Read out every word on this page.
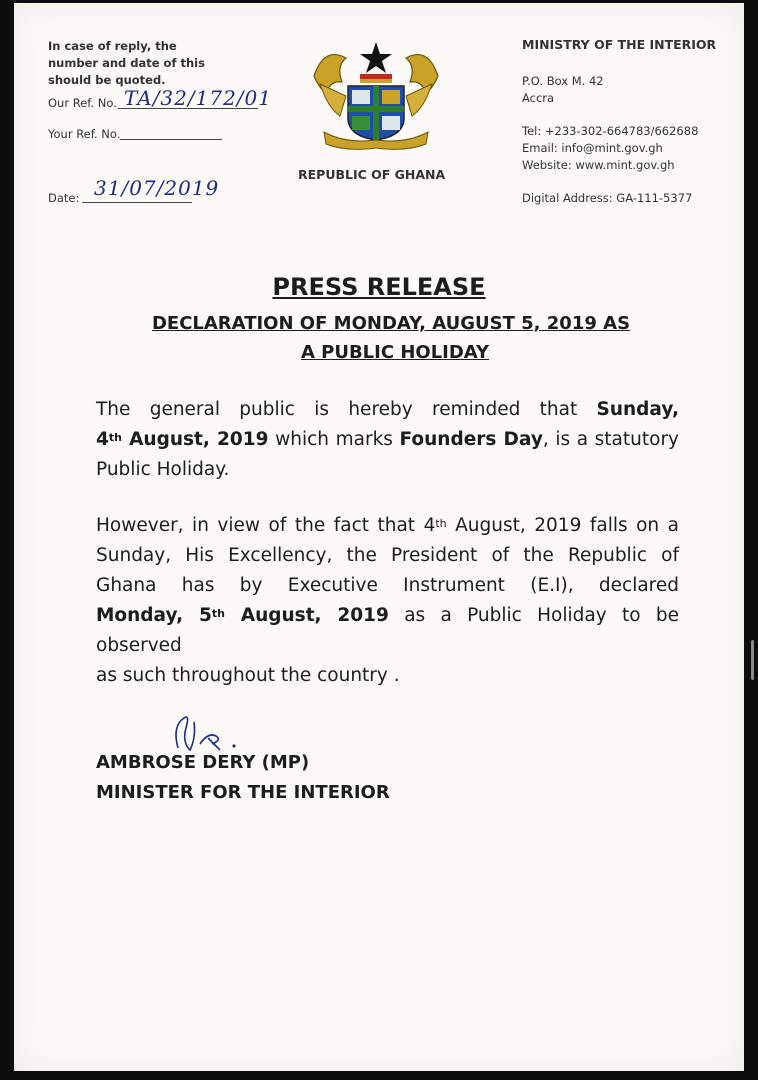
In case of reply, the
number and date of this
should be quoted.
Our Ref. No. TA/32/172/01
Your Ref. No.
Date: 31/07/2019
REPUBLIC OF GHANA
MINISTRY OF THE INTERIOR
P.O. Box M. 42
Accra
Tel: +233-302-664783/662688
Email: info@mint.gov.gh
Website: www.mint.gov.gh
Digital Address: GA-111-5377
PRESS RELEASE
DECLARATION OF MONDAY, AUGUST 5, 2019 AS
A PUBLIC HOLIDAY
The general public is hereby reminded that Sunday,
4th August, 2019 which marks Founders Day, is a statutory
Public Holiday.
However, in view of the fact that 4th August, 2019 falls on a
Sunday, His Excellency, the President of the Republic of
Ghana has by Executive Instrument (E.I), declared
Monday, 5th August, 2019 as a Public Holiday to be observed
as such throughout the country .
AMBROSE DERY (MP)
MINISTER FOR THE INTERIOR
